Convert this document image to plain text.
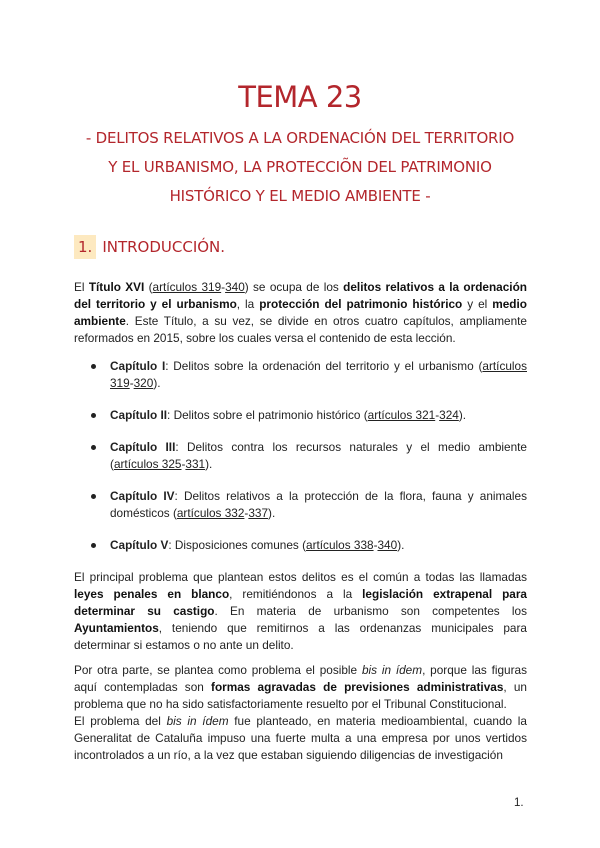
TEMA 23
- DELITOS RELATIVOS A LA ORDENACIÓN DEL TERRITORIO Y EL URBANISMO, LA PROTECCIÕN DEL PATRIMONIO HISTÓRICO Y EL MEDIO AMBIENTE -
1. INTRODUCCIÓN.
El Título XVI (artículos 319-340) se ocupa de los delitos relativos a la ordenación del territorio y el urbanismo, la protección del patrimonio histórico y el medio ambiente. Este Título, a su vez, se divide en otros cuatro capítulos, ampliamente reformados en 2015, sobre los cuales versa el contenido de esta lección.
Capítulo I: Delitos sobre la ordenación del territorio y el urbanismo (artículos 319-320).
Capítulo II: Delitos sobre el patrimonio histórico (artículos 321-324).
Capítulo III: Delitos contra los recursos naturales y el medio ambiente (artículos 325-331).
Capítulo IV: Delitos relativos a la protección de la flora, fauna y animales domésticos (artículos 332-337).
Capítulo V: Disposiciones comunes (artículos 338-340).
El principal problema que plantean estos delitos es el común a todas las llamadas leyes penales en blanco, remitiéndonos a la legislación extrapenal para determinar su castigo. En materia de urbanismo son competentes los Ayuntamientos, teniendo que remitirnos a las ordenanzas municipales para determinar si estamos o no ante un delito.
Por otra parte, se plantea como problema el posible bis in ídem, porque las figuras aquí contempladas son formas agravadas de previsiones administrativas, un problema que no ha sido satisfactoriamente resuelto por el Tribunal Constitucional.
El problema del bis in ídem fue planteado, en materia medioambiental, cuando la Generalitat de Cataluña impuso una fuerte multa a una empresa por unos vertidos incontrolados a un río, a la vez que estaban siguiendo diligencias de investigación
1.
